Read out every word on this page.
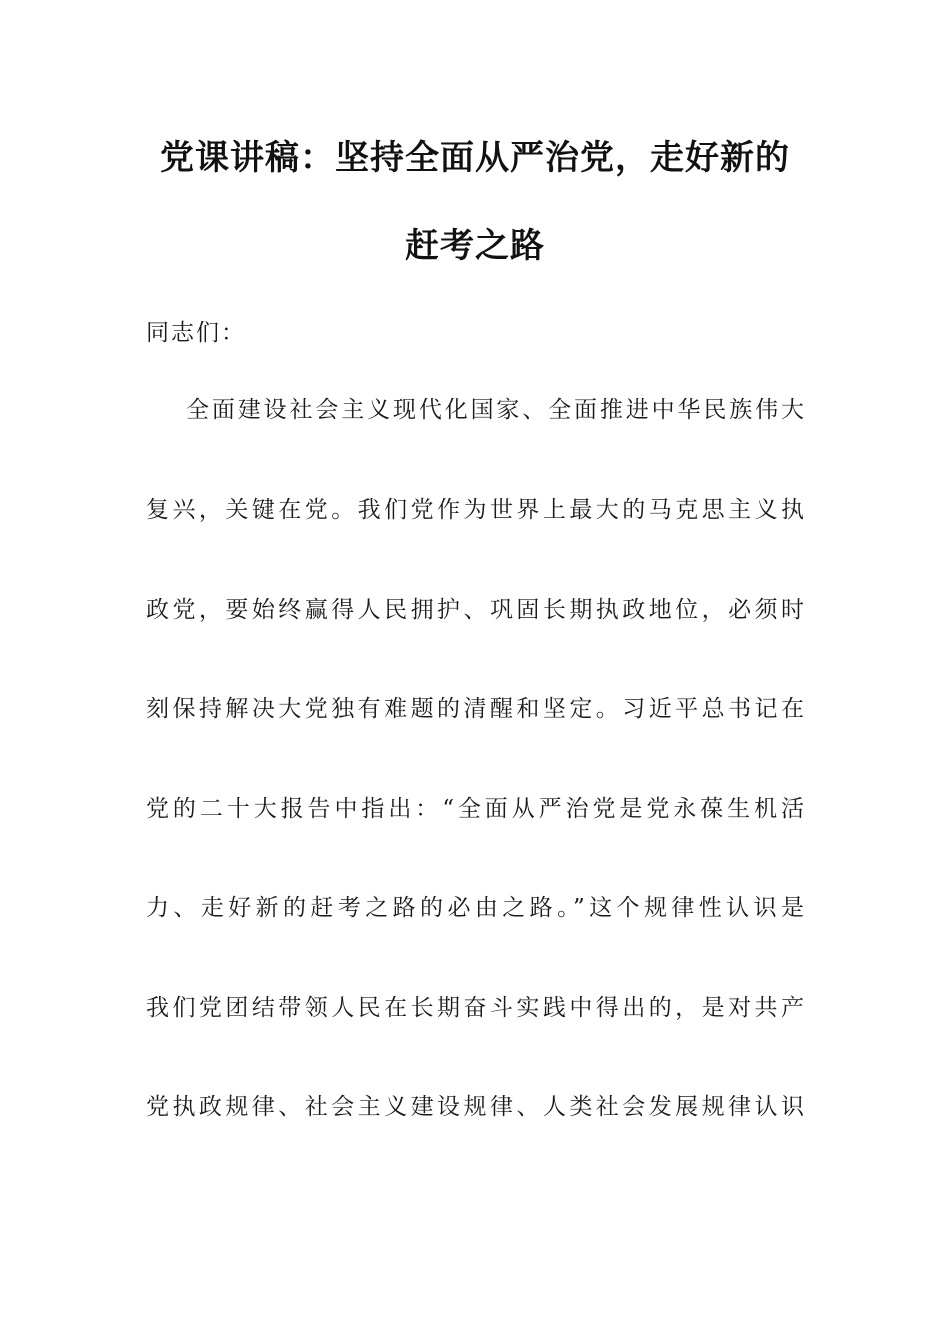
党课讲稿：坚持全面从严治党，走好新的
赶考之路
同志们：
全面建设社会主义现代化国家、全面推进中华民族伟大
复兴，关键在党。我们党作为世界上最大的马克思主义执
政党，要始终赢得人民拥护、巩固长期执政地位，必须时
刻保持解决大党独有难题的清醒和坚定。习近平总书记在
党的二十大报告中指出：“全面从严治党是党永葆生机活
力、走好新的赶考之路的必由之路。”这个规律性认识是
我们党团结带领人民在长期奋斗实践中得出的，是对共产
党执政规律、社会主义建设规律、人类社会发展规律认识
